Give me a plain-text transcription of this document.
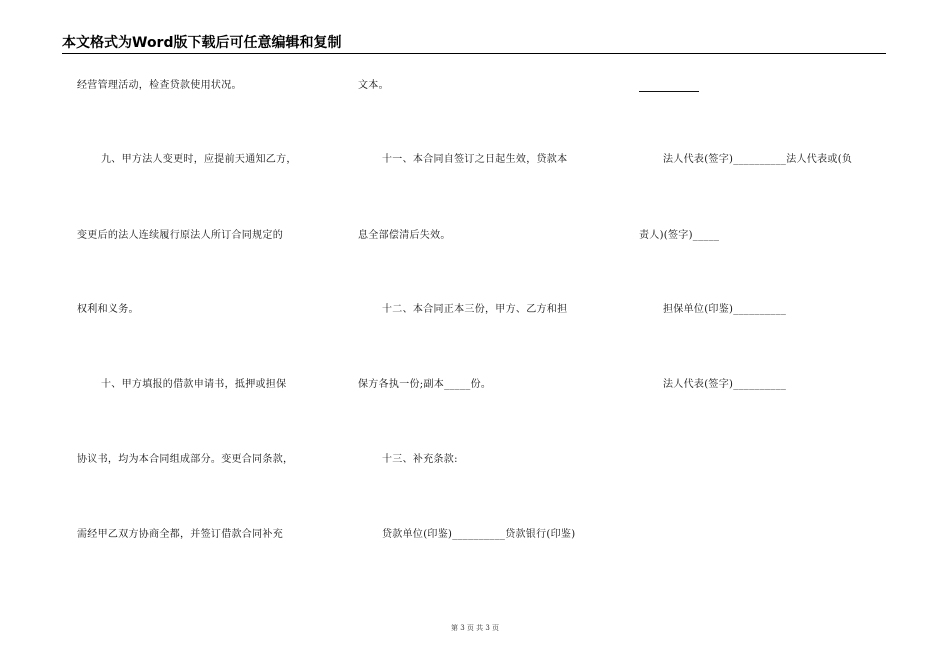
本文格式为Word版下载后可任意编辑和复制
经营管理活动，检查贷款使用状况。
九、甲方法人变更时，应提前天通知乙方，
变更后的法人连续履行原法人所订合同规定的
权利和义务。
十、甲方填报的借款申请书，抵押或担保
协议书，均为本合同组成部分。变更合同条款，
需经甲乙双方协商全都，并签订借款合同补充
文本。
十一、本合同自签订之日起生效，贷款本
息全部偿清后失效。
十二、本合同正本三份，甲方、乙方和担
保方各执一份;副本_____份。
十三、补充条款:
贷款单位(印鉴)__________贷款银行(印鉴)
法人代表(签字)__________法人代表或(负
责人)(签字)_____
担保单位(印鉴)__________
法人代表(签字)__________
第 3 页 共 3 页
